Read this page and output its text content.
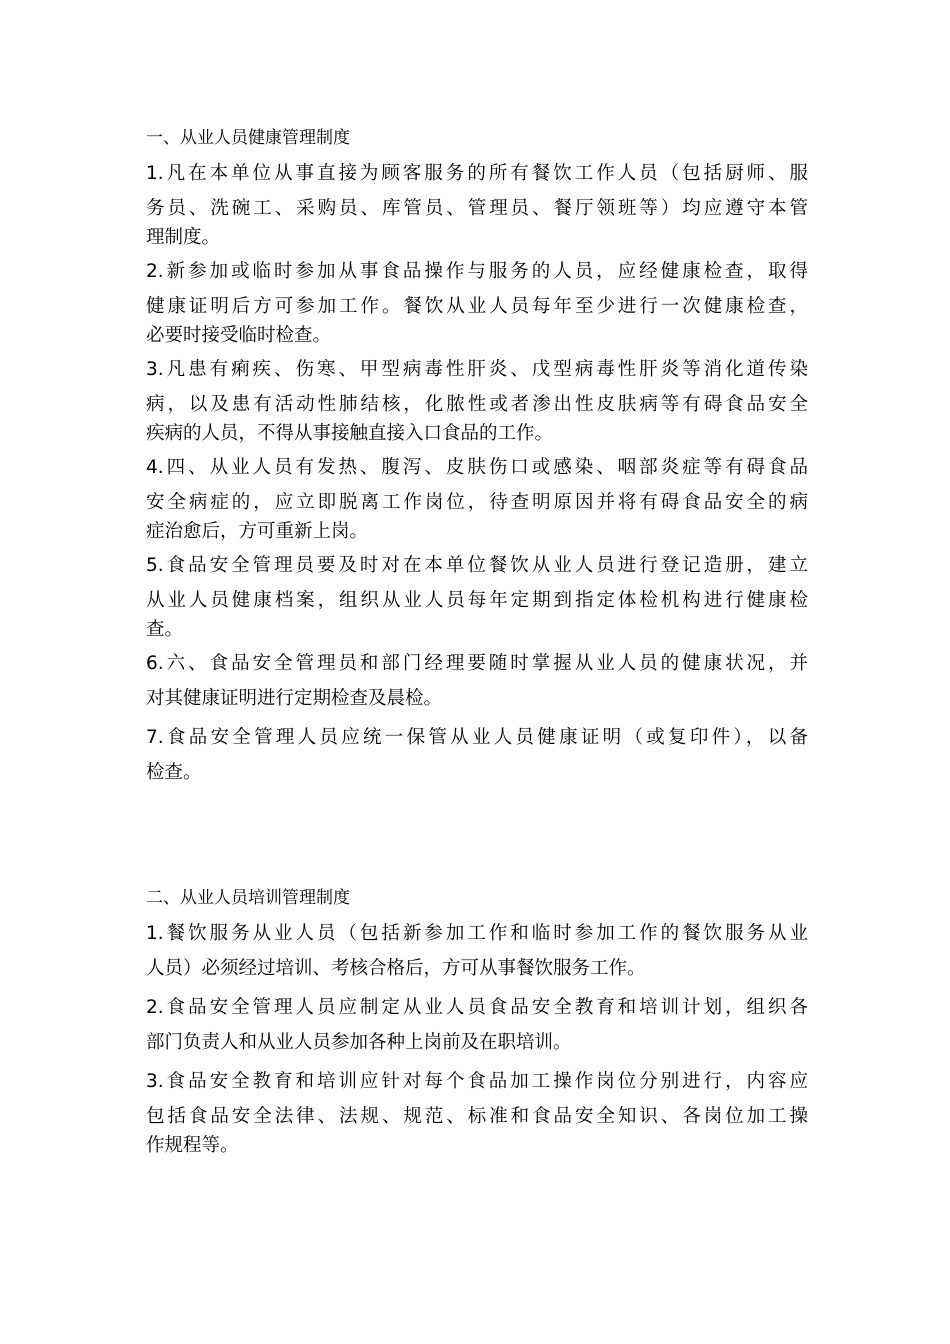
一、从业人员健康管理制度
1.凡在本单位从事直接为顾客服务的所有餐饮工作人员（包括厨师、服
务员、洗碗工、采购员、库管员、管理员、餐厅领班等）均应遵守本管
理制度。
2.新参加或临时参加从事食品操作与服务的人员，应经健康检查，取得
健康证明后方可参加工作。餐饮从业人员每年至少进行一次健康检查，
必要时接受临时检查。
3.凡患有痢疾、伤寒、甲型病毒性肝炎、戊型病毒性肝炎等消化道传染
病，以及患有活动性肺结核，化脓性或者渗出性皮肤病等有碍食品安全
疾病的人员，不得从事接触直接入口食品的工作。
4.四、从业人员有发热、腹泻、皮肤伤口或感染、咽部炎症等有碍食品
安全病症的，应立即脱离工作岗位，待查明原因并将有碍食品安全的病
症治愈后，方可重新上岗。
5.食品安全管理员要及时对在本单位餐饮从业人员进行登记造册，建立
从业人员健康档案，组织从业人员每年定期到指定体检机构进行健康检
查。
6.六、食品安全管理员和部门经理要随时掌握从业人员的健康状况，并
对其健康证明进行定期检查及晨检。
7.食品安全管理人员应统一保管从业人员健康证明（或复印件），以备
检查。
二、从业人员培训管理制度
1.餐饮服务从业人员（包括新参加工作和临时参加工作的餐饮服务从业
人员）必须经过培训、考核合格后，方可从事餐饮服务工作。
2.食品安全管理人员应制定从业人员食品安全教育和培训计划，组织各
部门负责人和从业人员参加各种上岗前及在职培训。
3.食品安全教育和培训应针对每个食品加工操作岗位分别进行，内容应
包括食品安全法律、法规、规范、标准和食品安全知识、各岗位加工操
作规程等。
